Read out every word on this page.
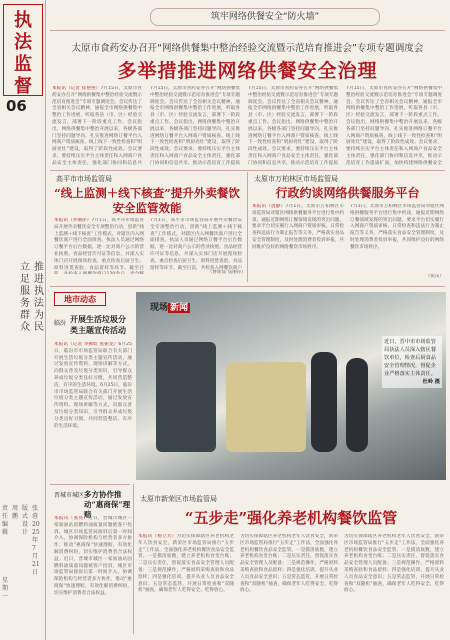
执法监督
06
立足服务群众
推进执法为民
责任编辑
周鹏
版式设计
张蓉
2025年7月21日
星期一
筑牢网络供餐安全“防火墙”
太原市食药安办召开“网络供餐集中整治经验交流暨示范培育推进会”专项专题调度会
多举措推进网络供餐安全治理
本报讯（记者 崔艳艳）7月15日，太原市食药安办召开“网络供餐集中整治经验交流暨示范培育推进会”专项专题调度会。会议传达了全省相关会议精神，通报全市网络供餐集中整治工作进展，听取各县（市、区）经验交流发言，部署下一阶段重点工作。会议指出，网络供餐集中整治开展以来，各级各部门坚持问题导向，扎实推进网络订餐平台入网商户资质核查、线上线下一致性检查和“明厨亮灶”建设，取得了阶段性成效。会议要求，要持续压实平台主体责任和入网商户食品安全主体责任，强化部门协同和信息共
7月15日，太原市食药安办召开“网络供餐集中整治经验交流暨示范培育推进会”专项专题调度会。会议传达了全省相关会议精神，通报全市网络供餐集中整治工作进展，听取各县（市、区）经验交流发言，部署下一阶段重点工作。会议指出，网络供餐集中整治开展以来，各级各部门坚持问题导向，扎实推进网络订餐平台入网商户资质核查、线上线下一致性检查和“明厨亮灶”建设，取得了阶段性成效。会议要求，要持续压实平台主体责任和入网商户食品安全主体责任，强化部门协同和信息共享，推动示范培育工作提质
7月15日，太原市食药安办召开“网络供餐集中整治经验交流暨示范培育推进会”专项专题调度会。会议传达了全省相关会议精神，通报全市网络供餐集中整治工作进展，听取各县（市、区）经验交流发言，部署下一阶段重点工作。会议指出，网络供餐集中整治开展以来，各级各部门坚持问题导向，扎实推进网络订餐平台入网商户资质核查、线上线下一致性检查和“明厨亮灶”建设，取得了阶段性成效。会议要求，要持续压实平台主体责任和入网商户食品安全主体责任，强化部门协同和信息共享，推动示范培育工作提质
7月15日，太原市食药安办召开“网络供餐集中整治经验交流暨示范培育推进会”专项专题调度会。会议传达了全省相关会议精神，通报全市网络供餐集中整治工作进展，听取各县（市、区）经验交流发言，部署下一阶段重点工作。会议指出，网络供餐集中整治开展以来，各级各部门坚持问题导向，扎实推进网络订餐平台入网商户资质核查、线上线下一致性检查和“明厨亮灶”建设，取得了阶段性成效。会议要求，要持续压实平台主体责任和入网商户食品安全主体责任，强化部门协同和信息共享，推动示范培育工作提质扩面，加快构建网络供餐安全
高平市市场监管局
“线上监测＋线下核查”提升外卖餐饮安全监管效能
本报讯（李丽萍）7月1日，高平市市场监管局开展外卖餐饮安全专项整治行动，创新“线上监测＋线下核查”工作模式，对辖区内入网餐饮商户进行全面排查。执法人员通过网络订餐平台后台数据，逐一比对商户公示的营业执照、食品经营许可证等信息，并深入实体门店开展现场检查，重点检查后厨卫生、原料进货查验、食品留样等环节。截至目
7月1日，高平市市场监管局开展外卖餐饮安全专项整治行动，创新“线上监测＋线下核查”工作模式，对辖区内入网餐饮商户进行全面排查。执法人员通过网络订餐平台后台数据，逐一比对商户公示的营业执照、食品经营许可证等信息，并深入实体门店开展现场检查，重点检查后厨卫生、原料进货查验、食品留样等环节。截至目前，共检查入网餐饮商户
（曹斯茹 焦丽萍）
太原市万柏林区市场监管局
行政约谈网络供餐服务平台
本报讯（唐静）7月1日，太原市万柏林区市场监管局对辖区网络供餐服务平台进行集中约谈，通报近期网络订餐领域发现的突出问题，要求平台切实履行入网商户资质审核、日常检查和违法行为制止报告等义务，严格落实食品安全管理制度，及时处理消费者投诉举报，共同维护良好的网络餐饮市场秩序。
7月1日，太原市万柏林区市场监管局对辖区网络供餐服务平台进行集中约谈，通报近期网络订餐领域发现的突出问题，要求平台切实履行入网商户资质审核、日常检查和违法行为制止报告等义务，严格落实食品安全管理制度，及时处理消费者投诉举报，共同维护良好的网络餐饮市场秩序。
（张乐）
地市动态
临汾 开展生活垃圾分类主题宣传活动
本报讯（记者 李佛虹 张振龙）6月25日，临汾市市场监管局联合有关部门开展生活垃圾分类主题宣传活动，通过发放宣传资料、现场讲解等方式，向群众普及垃圾分类知识，引导群众养成垃圾分类良好习惯，共同营造整洁、有序的生活环境。6月25日，临汾市市场监管局联合有关部门开展生活垃圾分类主题宣传活动，通过发放宣传资料、现场讲解等方式，向群众普及垃圾分类知识，引导群众养成垃圾分类良好习惯，共同营造整洁、有序的生活环境。
现场 新闻
近日，晋中市市场监管局执法人员深入辖区餐饮单位，检查后厨食品安全管理情况，督促企业严格落实主体责任。

杜岭 摄
晋城市城区 多方协作推动“惠商保”理赔
本报讯（张亮）近日，晋城市城区一家加油站因燃料油质量问题被客户投诉，城区市场监管局接诉后第一时间介入，协调保险机构与经营者多方协作，推动“惠商保”快速理赔，有效化解消费纠纷，切实维护消费者合法权益。近日，晋城市城区一家加油站因燃料油质量问题被客户投诉，城区市场监管局接诉后第一时间介入，协调保险机构与经营者多方协作，推动“惠商保”快速理赔，有效化解消费纠纷，切实维护消费者合法权益。
太原市新荣区市场监管局
“五步走”强化养老机构餐饮监管
本报讯（杨立芳）为切实保障辖区养老机构老年人饮食安全，新荣区市场监管局推行“五步走”工作法，全面强化养老机构餐饮食品安全监管。一是摸清底数，建立养老机构食堂台账；二是压实责任，督促落实食品安全管理人员配备；三是规范操作，严格原料采购查验和食品留样；四是强化培训，提升从业人员食品安全意识；五是常态监管，开展日常检查和“双随机”抽查，确保老年人吃得安全、吃得放心。
为切实保障辖区养老机构老年人饮食安全，新荣区市场监管局推行“五步走”工作法，全面强化养老机构餐饮食品安全监管。一是摸清底数，建立养老机构食堂台账；二是压实责任，督促落实食品安全管理人员配备；三是规范操作，严格原料采购查验和食品留样；四是强化培训，提升从业人员食品安全意识；五是常态监管，开展日常检查和“双随机”抽查，确保老年人吃得安全、吃得放心。
为切实保障辖区养老机构老年人饮食安全，新荣区市场监管局推行“五步走”工作法，全面强化养老机构餐饮食品安全监管。一是摸清底数，建立养老机构食堂台账；二是压实责任，督促落实食品安全管理人员配备；三是规范操作，严格原料采购查验和食品留样；四是强化培训，提升从业人员食品安全意识；五是常态监管，开展日常检查和“双随机”抽查，确保老年人吃得安全、吃得放心。
